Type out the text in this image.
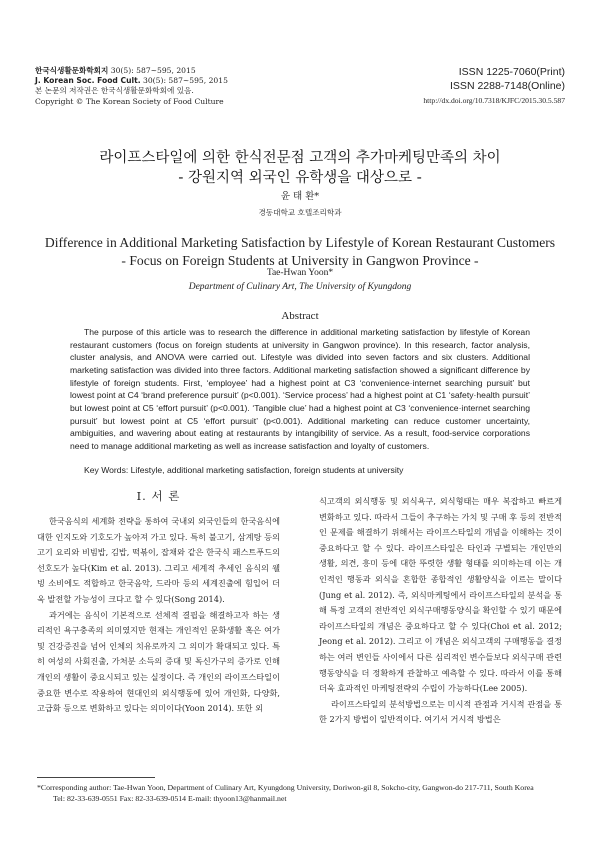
한국식생활문화학회지 30(5): 587~595, 2015
J. Korean Soc. Food Cult. 30(5): 587~595, 2015
본 논문의 저작권은 한국식생활문화학회에 있음.
Copyright © The Korean Society of Food Culture
ISSN 1225-7060(Print)
ISSN 2288-7148(Online)
http://dx.doi.org/10.7318/KJFC/2015.30.5.587
라이프스타일에 의한 한식전문점 고객의 추가마케팅만족의 차이
- 강원지역 외국인 유학생을 대상으로 -
윤 태 환*
경동대학교 호텔조리학과
Difference in Additional Marketing Satisfaction by Lifestyle of Korean Restaurant Customers
- Focus on Foreign Students at University in Gangwon Province -
Tae-Hwan Yoon*
Department of Culinary Art, The University of Kyungdong
Abstract
The purpose of this article was to research the difference in additional marketing satisfaction by lifestyle of Korean restaurant customers (focus on foreign students at university in Gangwon province). In this research, factor analysis, cluster analysis, and ANOVA were carried out. Lifestyle was divided into seven factors and six clusters. Additional marketing satisfaction was divided into three factors. Additional marketing satisfaction showed a significant difference by lifestyle of foreign students. First, ‘employee’ had a highest point at C3 ‘convenience·internet searching pursuit’ but lowest point at C4 ‘brand preference pursuit’ (p<0.001). ‘Service process’ had a highest point at C1 ‘safety·health pursuit’ but lowest point at C5 ‘effort pursuit’ (p<0.001). ‘Tangible clue’ had a highest point at C3 ‘convenience·internet searching pursuit’ but lowest point at C5 ‘effort pursuit’ (p<0.001). Additional marketing can reduce customer uncertainty, ambiguities, and wavering about eating at restaurants by intangibility of service. As a result, food-service corporations need to manage additional marketing as well as increase satisfaction and loyalty of customers.
Key Words: Lifestyle, additional marketing satisfaction, foreign students at university
Ⅰ. 서 론

한국음식의 세계화 전략을 통하여 국내외 외국인들의 한국음식에 대한 인지도와 기호도가 높아져 가고 있다. 특히 불고기, 삼계탕 등의 고기 요리와 비빔밥, 김밥, 떡볶이, 잡채와 같은 한국식 패스트푸드의 선호도가 높다(Kim et al. 2013). 그리고 세계적 추세인 음식의 웰빙 소비에도 적합하고 한국음악, 드라마 등의 세계진출에 힘입어 더욱 발전할 가능성이 크다고 할 수 있다(Song 2014).

과거에는 음식이 기본적으로 선체적 결핍을 해결하고자 하는 생리적인 욕구충족의 의미였지만 현재는 개인적인 문화생활 혹은 여가 및 건강증진을 넘어 인체의 치유로까지 그 의미가 확대되고 있다. 특히 여성의 사회진출, 가처분 소득의 증대 및 독신가구의 증가로 인해 개인의 생활이 중요시되고 있는 실정이다. 즉 개인의 라이프스타일이 중요한 변수로 작용하여 현대인의 외식행동에 있어 개인화, 다양화, 고급화 등으로 변화하고 있다는 의미이다(Yoon 2014). 또한 외

식고객의 외식행동 및 외식욕구, 외식형태는 매우 복잡하고 빠르게 변화하고 있다. 따라서 그들이 추구하는 가치 및 구매 후 등의 전반적인 문제를 해결하기 위해서는 라이프스타일의 개념을 이해하는 것이 중요하다고 할 수 있다. 라이프스타일은 타인과 구별되는 개인만의 생활, 의견, 흥미 등에 대한 뚜렷한 생활 형태를 의미하는데 이는 개인적인 행동과 외식을 혼합한 종합적인 생활양식을 이르는 말이다(Jung et al. 2012). 즉, 외식마케팅에서 라이프스타일의 분석을 통해 특정 고객의 전반적인 외식구매행동양식을 확인할 수 있기 때문에 라이프스타일의 개념은 중요하다고 할 수 있다(Choi et al. 2012; Jeong et al. 2012). 그리고 이 개념은 외식고객의 구매행동을 결정하는 여러 변인들 사이에서 다른 심리적인 변수들보다 외식구매 관련 행동양식을 더 정확하게 관찰하고 예측할 수 있다. 따라서 이를 통해 더욱 효과적인 마케팅전략의 수립이 가능하다(Lee 2005).

라이프스타일의 분석방법으로는 미시적 관점과 거시적 관점을 통한 2가지 방법이 일반적이다. 여기서 거시적 방법은

*Corresponding author: Tae-Hwan Yoon, Department of Culinary Art, Kyungdong University, Doriwon-gil 8, Sokcho-city, Gangwon-do 217-711, South Korea
Tel: 82-33-639-0551 Fax: 82-33-639-0514 E-mail: thyoon13@hanmail.net
